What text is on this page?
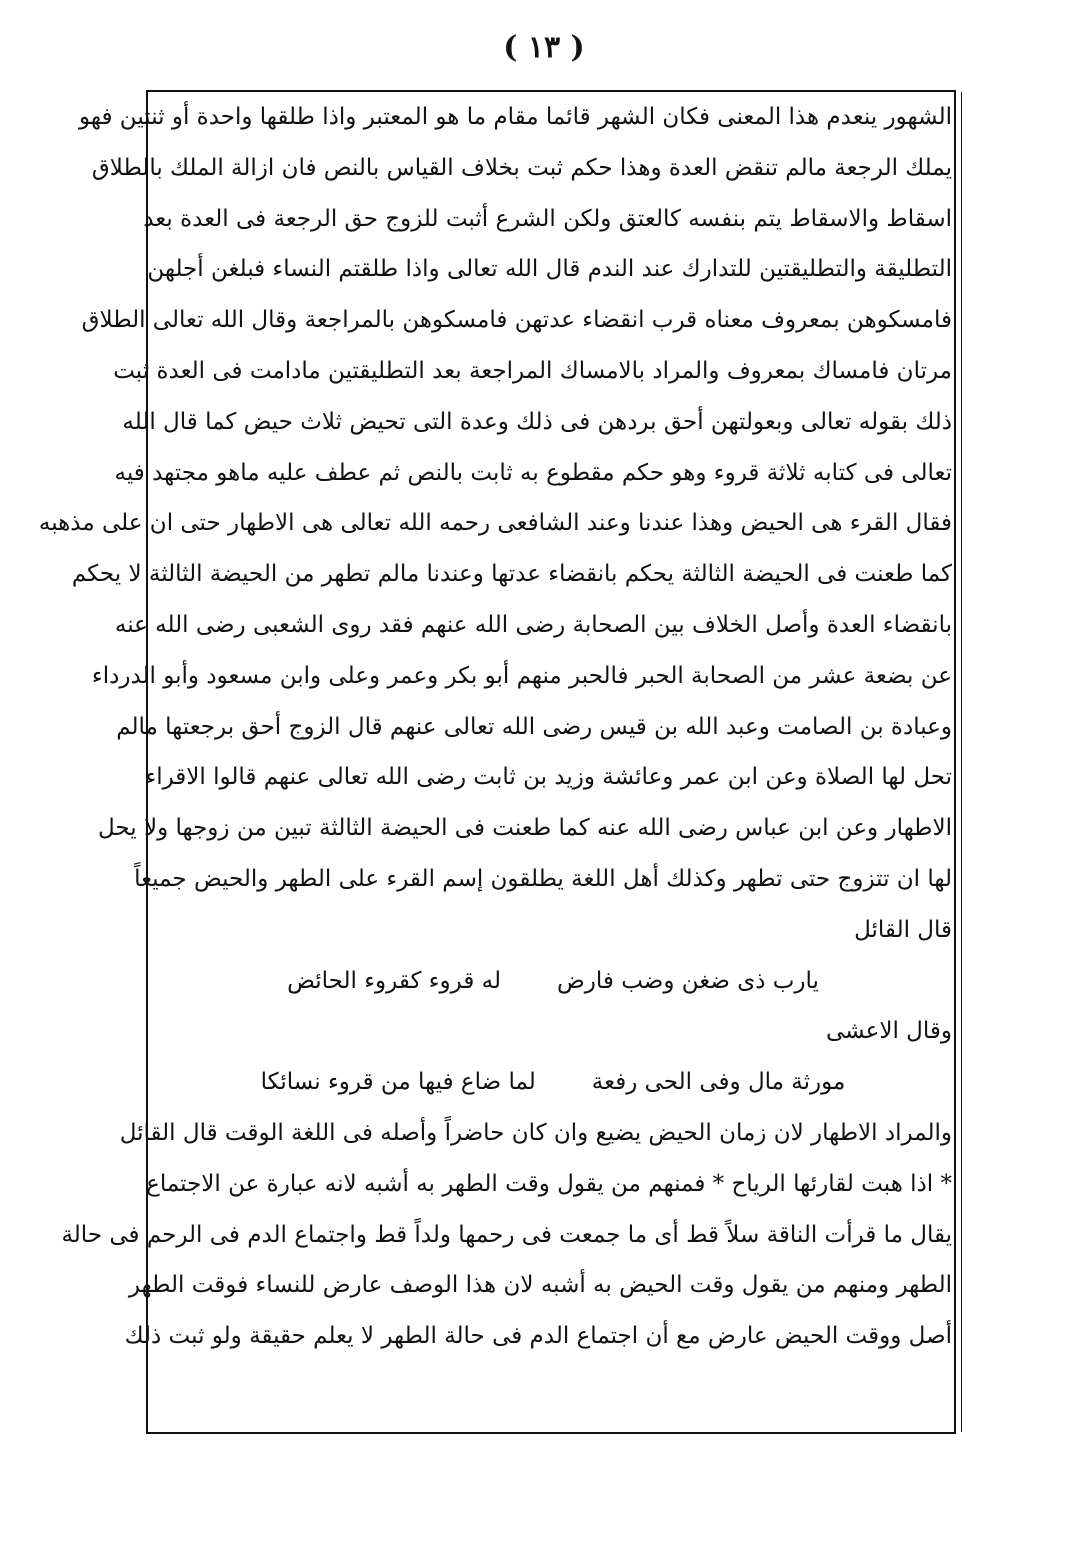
( ١٣ )
الشهور ينعدم هذا المعنى فكان الشهر قائما مقام ما هو المعتبر واذا طلقها واحدة أو ثنتين فهو
يملك الرجعة مالم تنقض العدة وهذا حكم ثبت بخلاف القياس بالنص فان ازالة الملك بالطلاق
اسقاط والاسقاط يتم بنفسه كالعتق ولكن الشرع أثبت للزوج حق الرجعة فى العدة بعد
التطليقة والتطليقتين للتدارك عند الندم قال الله تعالى واذا طلقتم النساء فبلغن أجلهن
فامسكوهن بمعروف معناه قرب انقضاء عدتهن فامسكوهن بالمراجعة وقال الله تعالى الطلاق
مرتان فامساك بمعروف والمراد بالامساك المراجعة بعد التطليقتين مادامت فى العدة ثبت
ذلك بقوله تعالى وبعولتهن أحق بردهن فى ذلك وعدة التى تحيض ثلاث حيض كما قال الله
تعالى فى كتابه ثلاثة قروء وهو حكم مقطوع به ثابت بالنص ثم عطف عليه ماهو مجتهد فيه
فقال القرء هى الحيض وهذا عندنا وعند الشافعى رحمه الله تعالى هى الاطهار حتى ان على مذهبه
كما طعنت فى الحيضة الثالثة يحكم بانقضاء عدتها وعندنا مالم تطهر من الحيضة الثالثة لا يحكم
بانقضاء العدة وأصل الخلاف بين الصحابة رضى الله عنهم فقد روى الشعبى رضى الله عنه
عن بضعة عشر من الصحابة الحبر فالحبر منهم أبو بكر وعمر وعلى وابن مسعود وأبو الدرداء
وعبادة بن الصامت وعبد الله بن قيس رضى الله تعالى عنهم قال الزوج أحق برجعتها مالم
تحل لها الصلاة وعن ابن عمر وعائشة وزيد بن ثابت رضى الله تعالى عنهم قالوا الاقراء
الاطهار وعن ابن عباس رضى الله عنه كما طعنت فى الحيضة الثالثة تبين من زوجها ولا يحل
لها ان تتزوج حتى تطهر وكذلك أهل اللغة يطلقون إسم القرء على الطهر والحيض جميعاً
قال القائل
يارب ذى ضغن وضب فارضله قروء كقروء الحائض
وقال الاعشى
مورثة مال وفى الحى رفعةلما ضاع فيها من قروء نسائكا
والمراد الاطهار لان زمان الحيض يضيع وان كان حاضراً وأصله فى اللغة الوقت قال القائل
* اذا هبت لقارئها الرياح * فمنهم من يقول وقت الطهر به أشبه لانه عبارة عن الاجتماع
يقال ما قرأت الناقة سلاً قط أى ما جمعت فى رحمها ولداً قط واجتماع الدم فى الرحم فى حالة
الطهر ومنهم من يقول وقت الحيض به أشبه لان هذا الوصف عارض للنساء فوقت الطهر
أصل ووقت الحيض عارض مع أن اجتماع الدم فى حالة الطهر لا يعلم حقيقة ولو ثبت ذلك
